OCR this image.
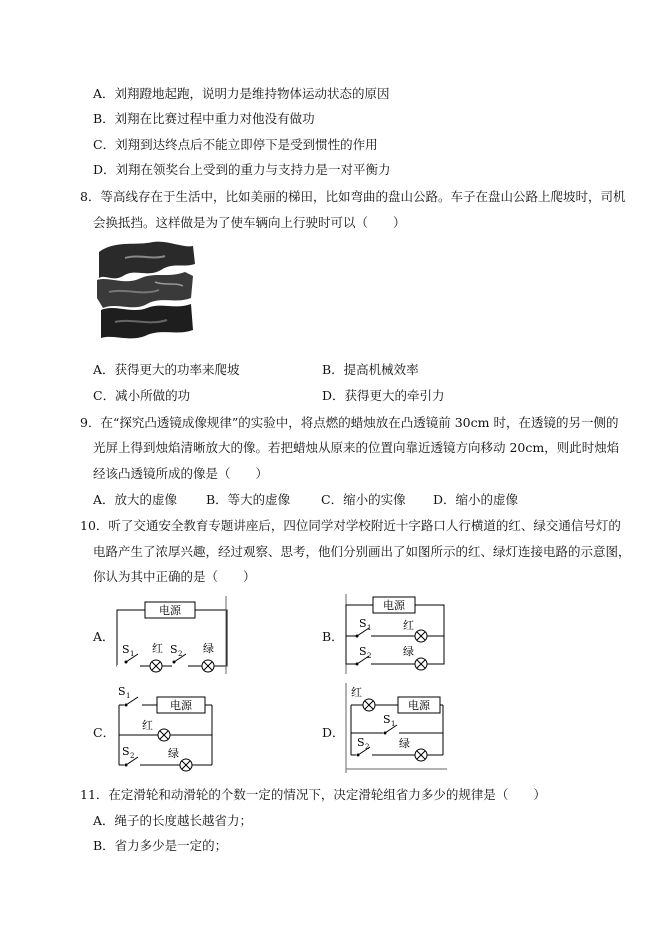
A．刘翔蹬地起跑，说明力是维持物体运动状态的原因
B．刘翔在比赛过程中重力对他没有做功
C．刘翔到达终点后不能立即停下是受到惯性的作用
D．刘翔在领奖台上受到的重力与支持力是一对平衡力
8．等高线存在于生活中，比如美丽的梯田，比如弯曲的盘山公路。车子在盘山公路上爬坡时，司机
会换抵挡。这样做是为了使车辆向上行驶时可以（　　）
A．获得更大的功率来爬坡	B．提高机械效率
C．减小所做的功	D．获得更大的牵引力
9．在“探究凸透镜成像规律”的实验中，将点燃的蜡烛放在凸透镜前 30cm 时，在透镜的另一侧的
光屏上得到烛焰清晰放大的像。若把蜡烛从原来的位置向靠近透镜方向移动 20cm，则此时烛焰
经该凸透镜所成的像是（　　）
A．放大的虚像 B．等大的虚像 C．缩小的实像 D．缩小的虚像
10．听了交通安全教育专题讲座后，四位同学对学校附近十字路口人行横道的红、绿交通信号灯的
电路产生了浓厚兴趣，经过观察、思考，他们分别画出了如图所示的红、绿灯连接电路的示意图，
你认为其中正确的是（　　）
A．
电源
S 1 红 S 2 绿
B．
电源
S 1	红
S 2	绿
C．
S 1
电源
红
S 2	绿
D．
红
电源
S 1
S 2	绿
11．在定滑轮和动滑轮的个数一定的情况下，决定滑轮组省力多少的规律是（　　）
A．绳子的长度越长越省力；
B．省力多少是一定的；
